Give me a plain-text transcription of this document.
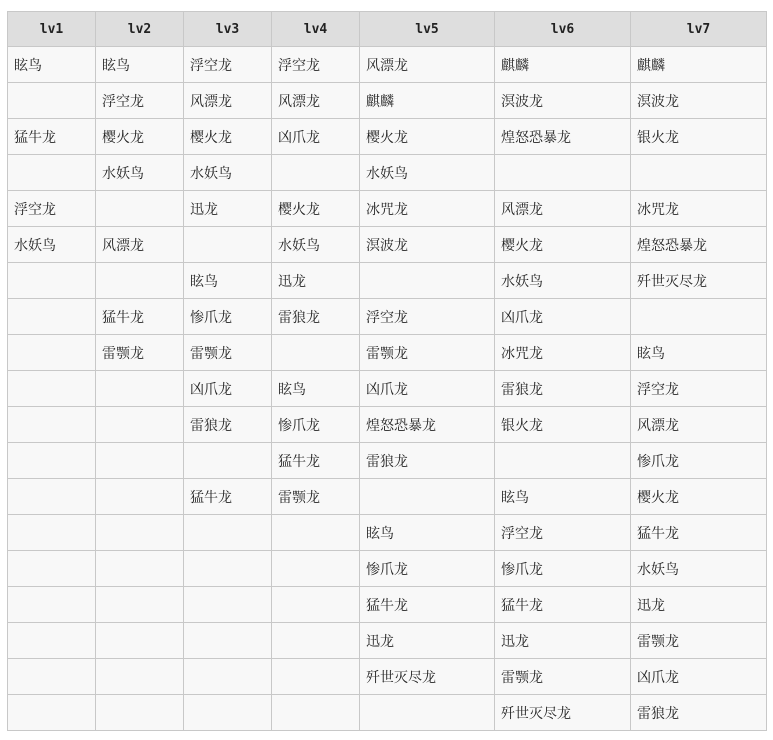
lv1	lv2	lv3	lv4	lv5	lv6	lv7
眩鸟	眩鸟	浮空龙	浮空龙	风漂龙	麒麟	麒麟
	浮空龙	风漂龙	风漂龙	麒麟	溟波龙	溟波龙
猛牛龙	樱火龙	樱火龙	凶爪龙	樱火龙	煌怒恐暴龙	银火龙
	水妖鸟	水妖鸟		水妖鸟		
浮空龙		迅龙	樱火龙	冰咒龙	风漂龙	冰咒龙
水妖鸟	风漂龙		水妖鸟	溟波龙	樱火龙	煌怒恐暴龙
		眩鸟	迅龙		水妖鸟	歼世灭尽龙
	猛牛龙	惨爪龙	雷狼龙	浮空龙	凶爪龙	
	雷颚龙	雷颚龙		雷颚龙	冰咒龙	眩鸟
		凶爪龙	眩鸟	凶爪龙	雷狼龙	浮空龙
		雷狼龙	惨爪龙	煌怒恐暴龙	银火龙	风漂龙
			猛牛龙	雷狼龙		惨爪龙
		猛牛龙	雷颚龙		眩鸟	樱火龙
				眩鸟	浮空龙	猛牛龙
				惨爪龙	惨爪龙	水妖鸟
				猛牛龙	猛牛龙	迅龙
				迅龙	迅龙	雷颚龙
				歼世灭尽龙	雷颚龙	凶爪龙
					歼世灭尽龙	雷狼龙
